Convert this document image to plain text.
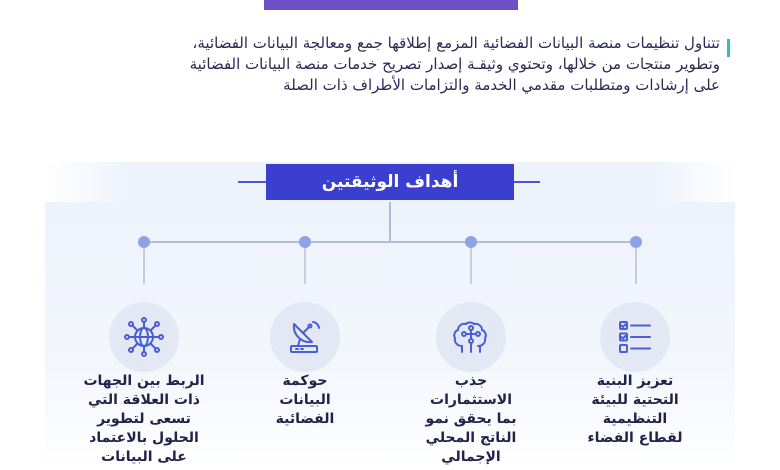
تتناول تنظيمات منصة البيانات الفضائية المزمع إطلاقها جمع ومعالجة البيانات الفضائية،
وتطوير منتجات من خلالها، وتحتوي وثيقـة إصدار تصريح خدمات منصة البيانات الفضائية
على إرشادات ومتطلبات مقدمي الخدمة والتزامات الأطراف ذات الصلة
أهداف الوثيقتين
تعزيز البنية
التحتية للبيئة
التنظيمية
لقطاع الفضاء
جذب
الاستثمارات
بما يحقق نمو
الناتج المحلي
الإجمالي
حوكمة
البيانات
الفضائية
الربط بين الجهات
ذات العلاقة التي
تسعى لتطوير
الحلول بالاعتماد
على البيانات
